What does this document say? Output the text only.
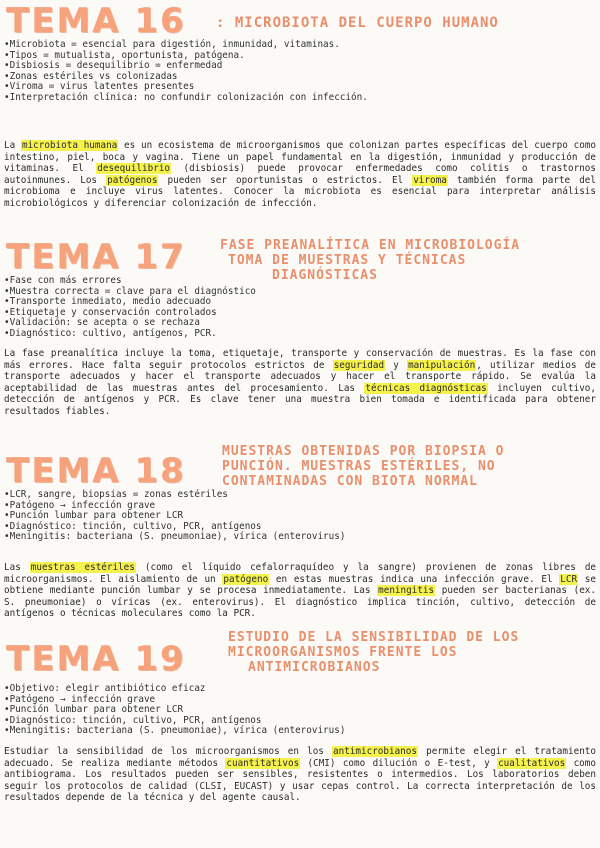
TEMA 16 : MICROBIOTA DEL CUERPO HUMANO
• Microbiota = esencial para digestión, inmunidad, vitaminas.
• Tipos = mutualista, oportunista, patógena.
• Disbiosis = desequilibrio = enfermedad
• Zonas estériles vs colonizadas
• Viroma = virus latentes presentes
• Interpretación clínica: no confundir colonización con infección.

La microbiota humana es un ecosistema de microorganismos que colonizan partes específicas del cuerpo como intestino, piel, boca y vagina. Tiene un papel fundamental en la digestión, inmunidad y producción de vitaminas. El desequilibrio (disbiosis) puede provocar enfermedades como colitis o trastornos autoinmunes. Los patógenos pueden ser oportunistas o estrictos. El viroma también forma parte del microbioma e incluye virus latentes. Conocer la microbiota es esencial para interpretar análisis microbiológicos y diferenciar colonización de infección.

TEMA 17	FASE PREANALÍTICA EN MICROBIOLOGÍA
TOMA DE MUESTRAS Y TÉCNICAS
DIAGNÓSTICAS
• Fase con más errores
• Muestra correcta = clave para el diagnóstico
• Transporte inmediato, medio adecuado
• Etiquetaje y conservación controlados
• Validación: se acepta o se rechaza
• Diagnóstico: cultivo, antígenos, PCR.

La fase preanalítica incluye la toma, etiquetaje, transporte y conservación de muestras. Es la fase con más errores. Hace falta seguir protocolos estrictos de seguridad y manipulación, utilizar medios de transporte adecuados y hacer el transporte adecuados y hacer el transporte rápido. Se evalúa la aceptabilidad de las muestras antes del procesamiento. Las técnicas diagnósticas incluyen cultivo, detección de antígenos y PCR. Es clave tener una muestra bien tomada e identificada para obtener resultados fiables.

TEMA 18	MUESTRAS OBTENIDAS POR BIOPSIA O
PUNCIÓN. MUESTRAS ESTÉRILES, NO
CONTAMINADAS CON BIOTA NORMAL
• LCR, sangre, biopsias = zonas estériles
• Patógeno → infección grave
• Punción lumbar para obtener LCR
• Diagnóstico: tinción, cultivo, PCR, antígenos
• Meningitis: bacteriana (S. pneumoniae), vírica (enterovirus)

Las muestras estériles (como el líquido cefalorraquídeo y la sangre) provienen de zonas libres de microorganismos. El aislamiento de un patógeno en estas muestras indica una infección grave. El LCR se obtiene mediante punción lumbar y se procesa inmediatamente. Las meningitis pueden ser bacterianas (ex. S. pneumoniae) o víricas (ex. enterovirus). El diagnóstico implica tinción, cultivo, detección de antígenos o técnicas moleculares como la PCR.

TEMA 19
ESTUDIO DE LA SENSIBILIDAD DE LOS
MICROORGANISMOS FRENTE LOS
ANTIMICROBIANOS
• Objetivo: elegir antibiótico eficaz
• Patógeno → infección grave
• Punción lumbar para obtener LCR
• Diagnóstico: tinción, cultivo, PCR, antígenos
• Meningitis: bacteriana (S. pneumoniae), vírica (enterovirus)

Estudiar la sensibilidad de los microorganismos en los antimicrobianos permite elegir el tratamiento adecuado. Se realiza mediante métodos cuantitativos (CMI) como dilución o E-test, y cualitativos como antibiograma. Los resultados pueden ser sensibles, resistentes o intermedios. Los laboratorios deben seguir los protocolos de calidad (CLSI, EUCAST) y usar cepas control. La correcta interpretación de los resultados depende de la técnica y del agente causal.
